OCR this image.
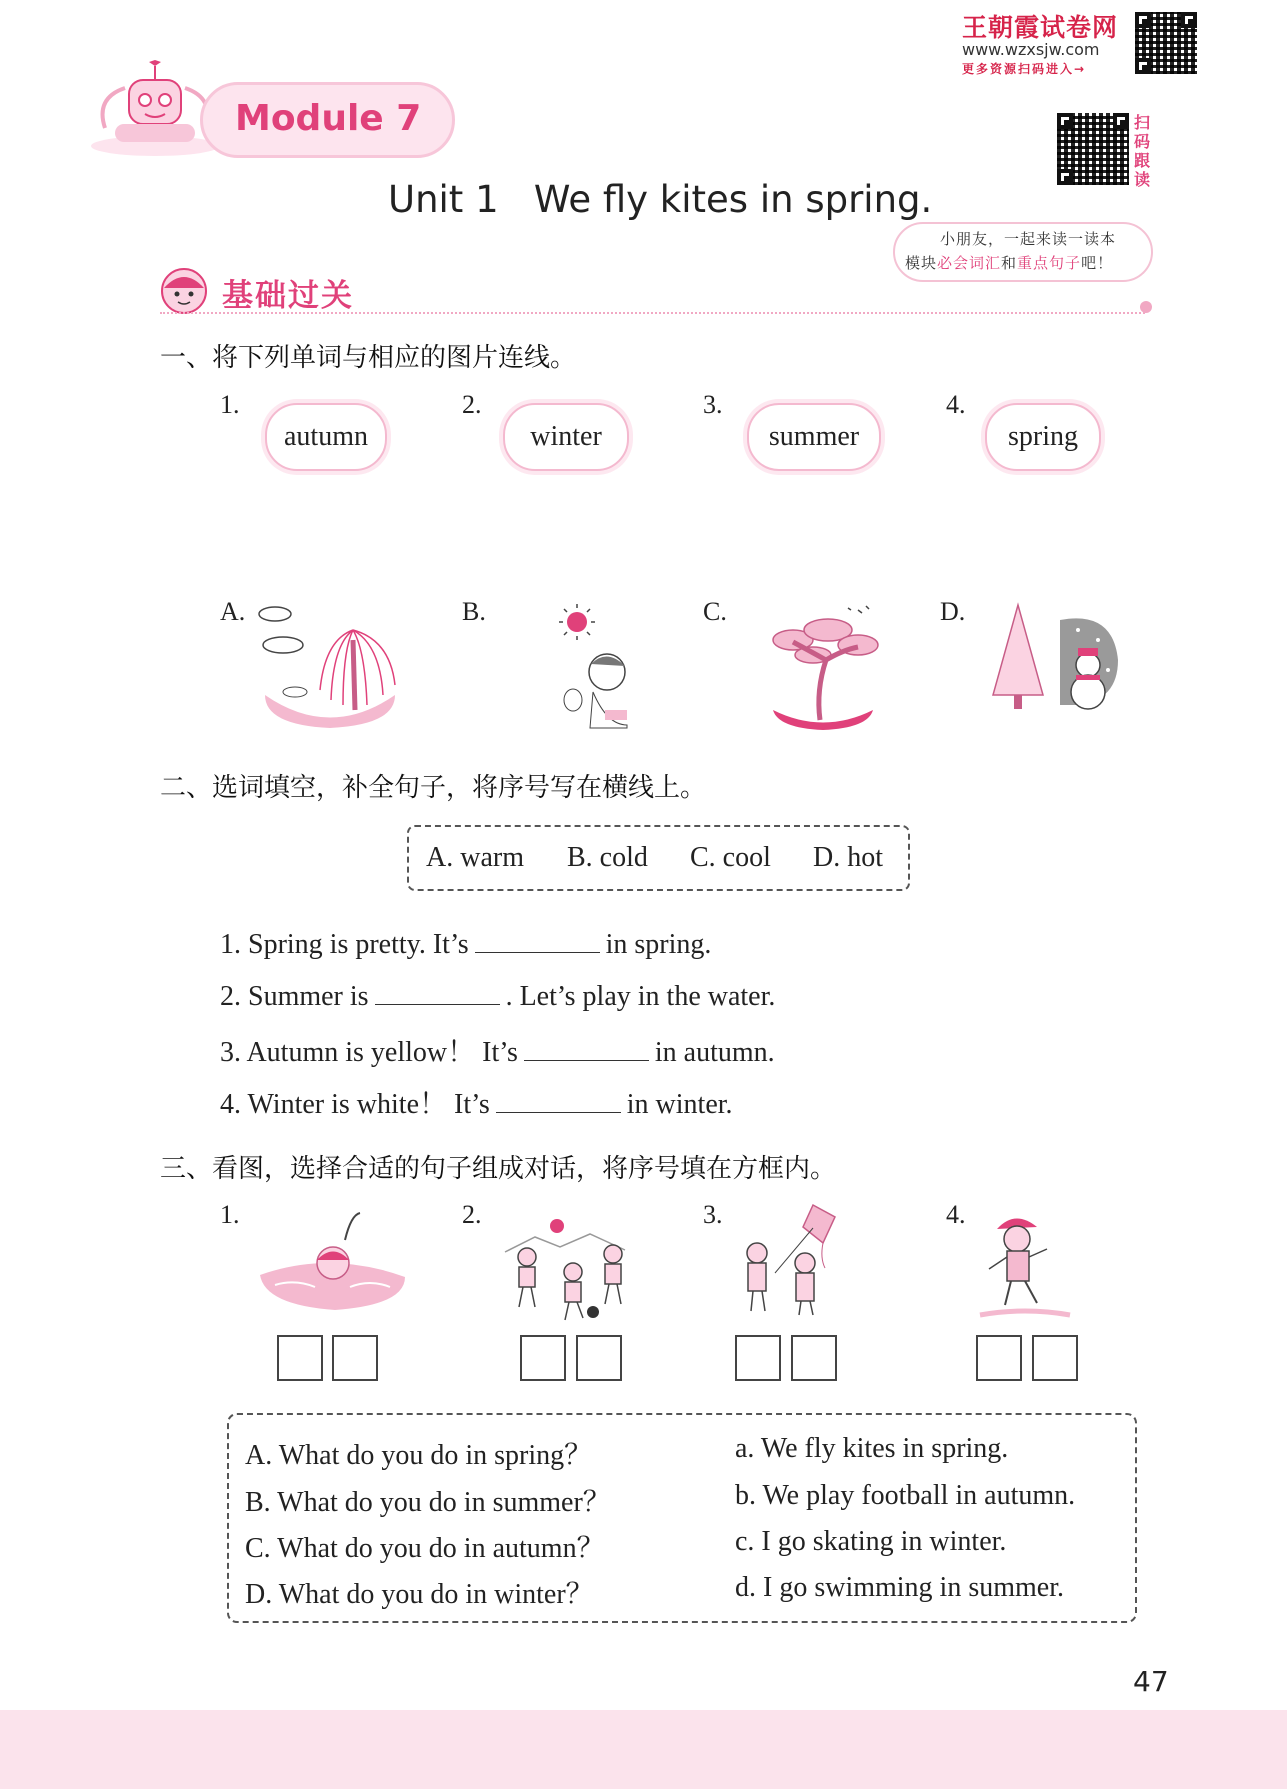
王朝霞试卷网
www.wzxsjw.com
更多资源扫码进入→
Module 7
Unit 1   We fly kites in spring.
扫码跟读
小朋友，一起来读一读本
模块必会词汇和重点句子吧！
基础过关
一、将下列单词与相应的图片连线。
1.
autumn
2.
winter
3.
summer
4.
spring
A.	B.	C.	D.
二、选词填空，补全句子，将序号写在横线上。
A. warm B. cold C. cool D. hot
1. Spring is pretty. It’s	in spring.
2. Summer is	. Let’s play in the water.
3. Autumn is yellow！ It’s	in autumn.
4. Winter is white！ It’s	in winter.
三、看图，选择合适的句子组成对话，将序号填在方框内。
1.	2.	3.	4.
A. What do you do in spring？
B. What do you do in summer？
C. What do you do in autumn？
D. What do you do in winter？
a. We fly kites in spring.
b. We play football in autumn.
c. I go skating in winter.
d. I go swimming in summer.
47
